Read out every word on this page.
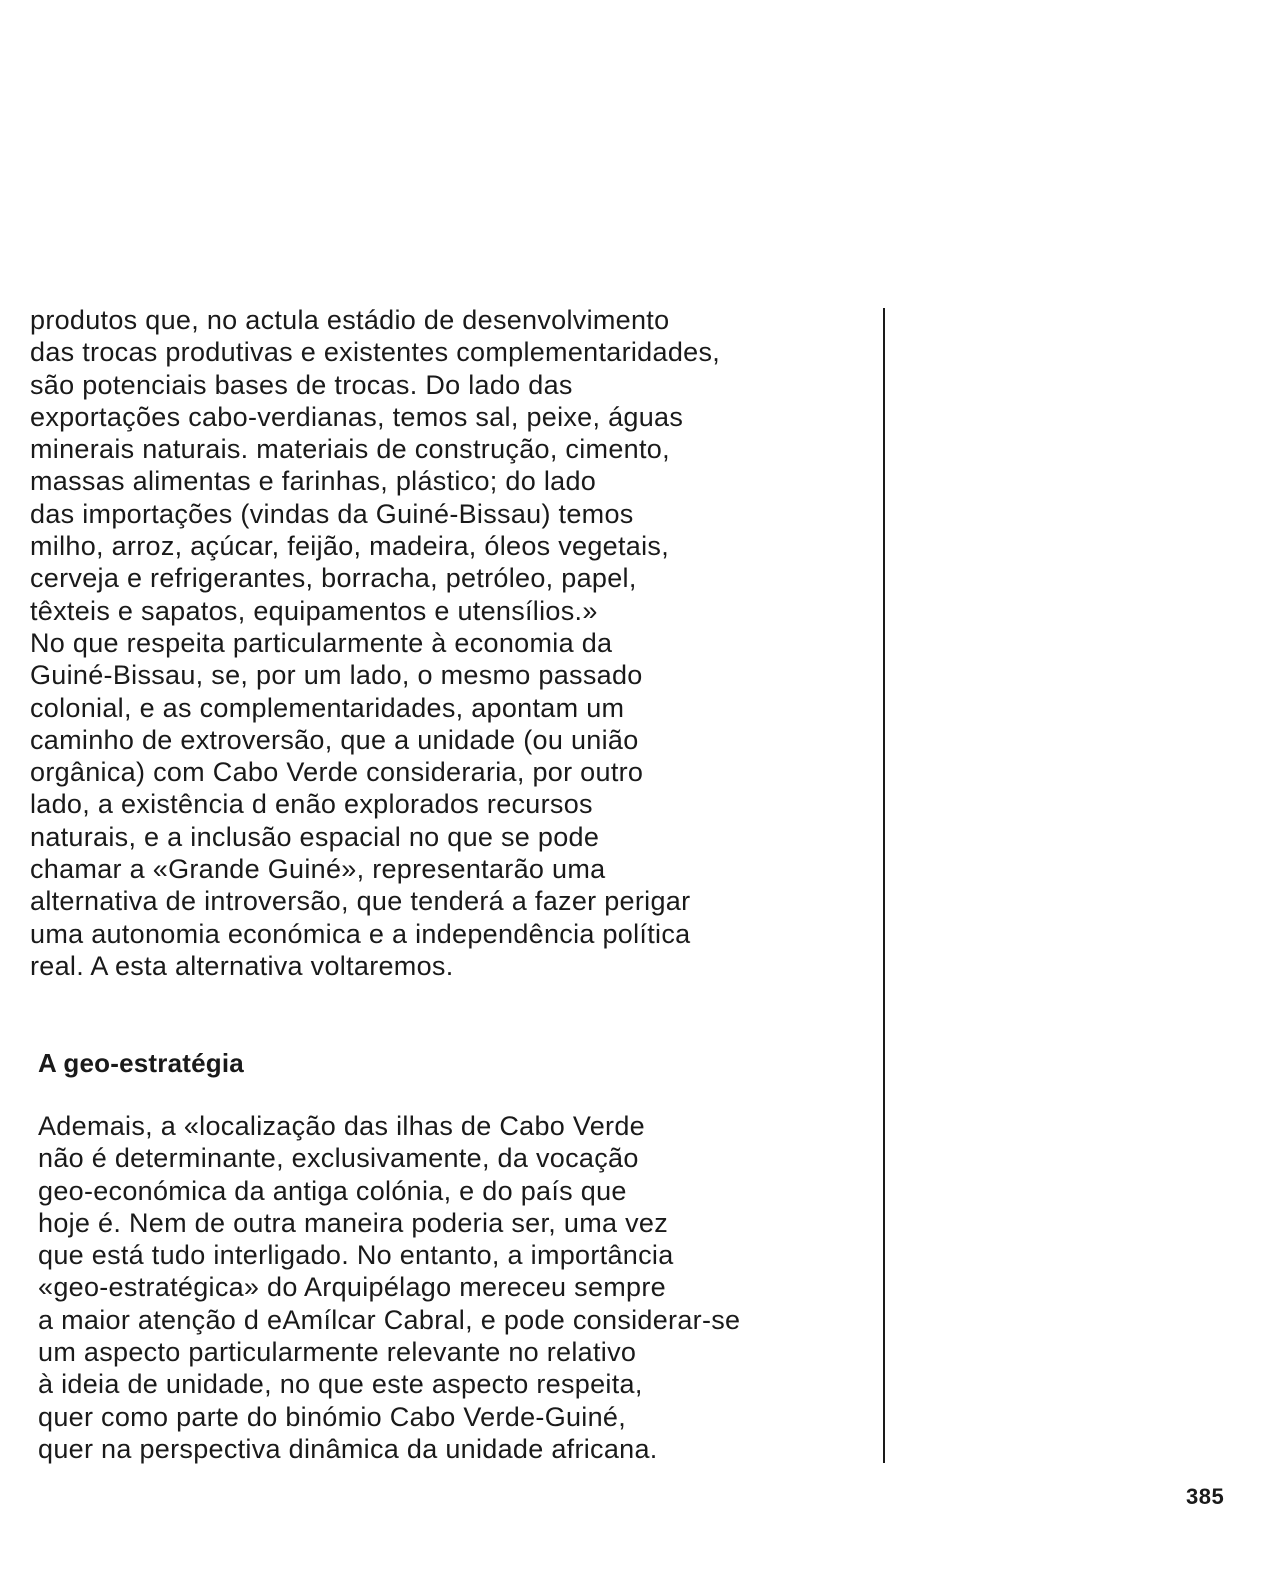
produtos que, no actula estádio de desenvolvimento
das trocas produtivas e existentes complementaridades,
são potenciais bases de trocas. Do lado das
exportações cabo-verdianas, temos sal, peixe, águas
minerais naturais. materiais de construção, cimento,
massas alimentas e farinhas, plástico; do lado
das importações (vindas da Guiné-Bissau) temos
milho, arroz, açúcar, feijão, madeira, óleos vegetais,
cerveja e refrigerantes, borracha, petróleo, papel,
têxteis e sapatos, equipamentos e utensílios.»
No que respeita particularmente à economia da
Guiné-Bissau, se, por um lado, o mesmo passado
colonial, e as complementaridades, apontam um
caminho de extroversão, que a unidade (ou união
orgânica) com Cabo Verde consideraria, por outro
lado, a existência d enão explorados recursos
naturais, e a inclusão espacial no que se pode
chamar a «Grande Guiné», representarão uma
alternativa de introversão, que tenderá a fazer perigar
uma autonomia económica e a independência política
real. A esta alternativa voltaremos.
A geo-estratégia
Ademais, a «localização das ilhas de Cabo Verde
não é determinante, exclusivamente, da vocação
geo-económica da antiga colónia, e do país que
hoje é. Nem de outra maneira poderia ser, uma vez
que está tudo interligado. No entanto, a importância
«geo-estratégica» do Arquipélago mereceu sempre
a maior atenção d eAmílcar Cabral, e pode considerar-se
um aspecto particularmente relevante no relativo
à ideia de unidade, no que este aspecto respeita,
quer como parte do binómio Cabo Verde-Guiné,
quer na perspectiva dinâmica da unidade africana.
385
